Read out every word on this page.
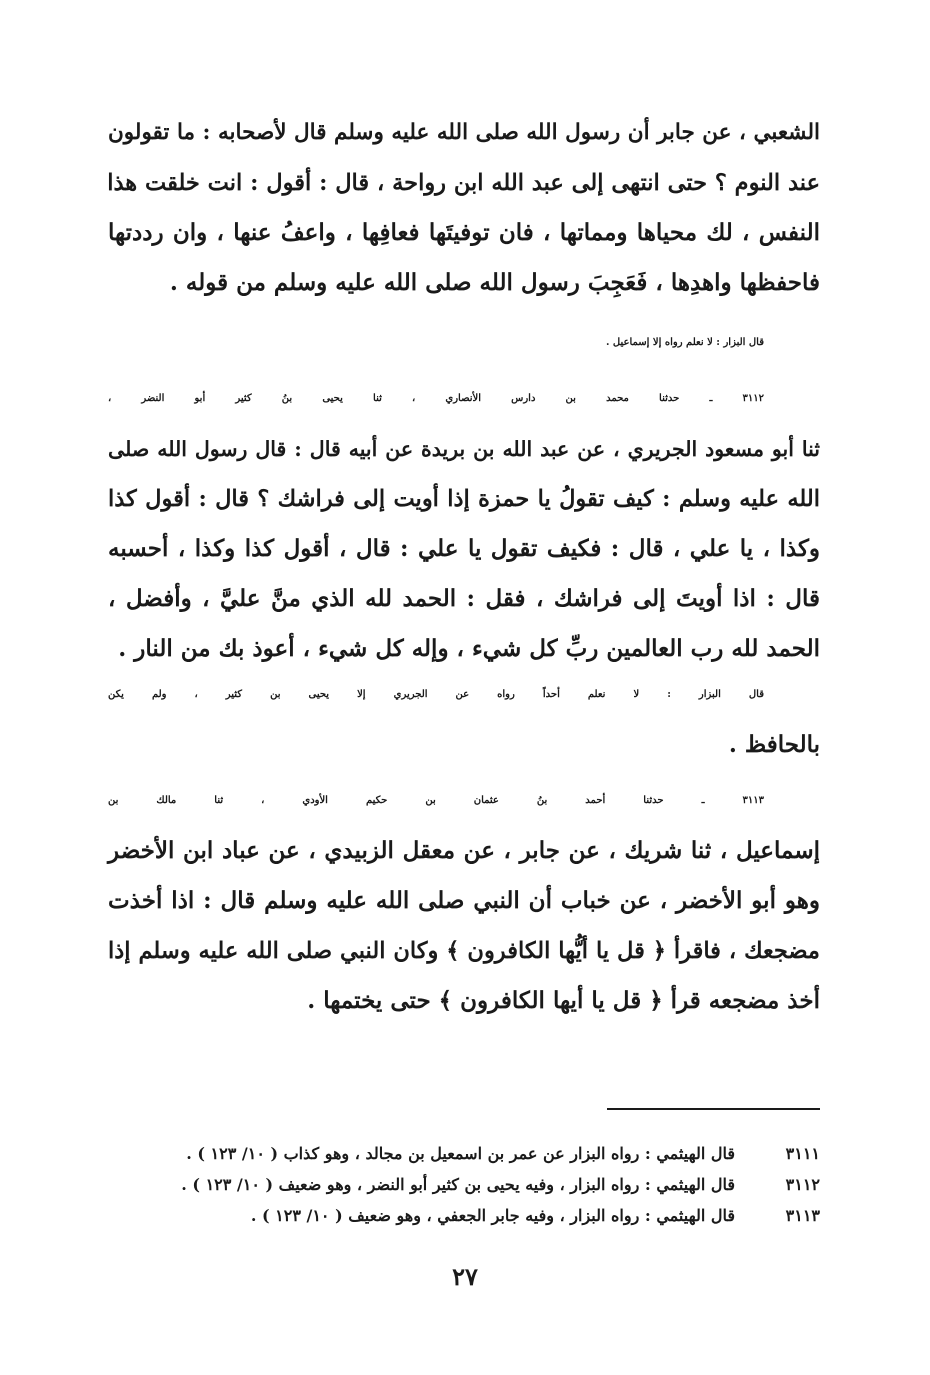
الشعبي ، عن جابر أن رسول الله صلى الله عليه وسلم قال لأصحابه : ما تقولون
عند النوم ؟ حتى انتهى إلى عبد الله ابن رواحة ، قال : أقول : انت خلقت هذا
النفس ، لك محياها ومماتها ، فان توفيتَها فعافِها ، واعفُ عنها ، وان رددتها
فاحفظها واهدِها ، فَعَجِبَ رسول الله صلى الله عليه وسلم من قوله .
قال البزار : لا نعلم رواه إلا إسماعيل .
٣١١٢ ـ حدثنا محمد بن دارس الأنصاري ، ثنا يحيى بنُ كثير أبو النضر ،
ثنا أبو مسعود الجريري ، عن عبد الله بن بريدة عن أبيه قال : قال رسول الله صلى
الله عليه وسلم : كيف تقولُ يا حمزة إذا أويت إلى فراشك ؟ قال : أقول كذا
وكذا ، يا علي ، قال : فكيف تقول يا علي : قال ، أقول كذا وكذا ، أحسبه
قال : اذا أويتَ إلى فراشك ، فقل : الحمد لله الذي منَّ عليَّ ، وأفضل ،
الحمد لله رب العالمين ربِّ كل شيء ، وإله كل شيء ، أعوذ بك من النار .
قال البزار : لا نعلم أحداً رواه عن الجريري إلا يحيى بن كثير ، ولم يكن
بالحافظ .
٣١١٣ ـ حدثنا أحمد بنُ عثمان بن حكيم الأودي ، ثنا مالك بن
إسماعيل ، ثنا شريك ، عن جابر ، عن معقل الزبيدي ، عن عباد ابن الأخضر
وهو أبو الأخضر ، عن خباب أن النبي صلى الله عليه وسلم قال : اذا أخذت
مضجعك ، فاقرأ ﴿ قل يا أيُّها الكافرون ﴾ وكان النبي صلى الله عليه وسلم إذا
أخذ مضجعه قرأ ﴿ قل يا أيها الكافرون ﴾ حتى يختمها .
٣١١١
قال الهيثمي : رواه البزار عن عمر بن اسمعيل بن مجالد ، وهو كذاب ( ١٠/ ١٢٣ ) .
٣١١٢
قال الهيثمي : رواه البزار ، وفيه يحيى بن كثير أبو النضر ، وهو ضعيف ( ١٠/ ١٢٣ ) .
٣١١٣
قال الهيثمي : رواه البزار ، وفيه جابر الجعفي ، وهو ضعيف ( ١٠/ ١٢٣ ) .
٢٧
